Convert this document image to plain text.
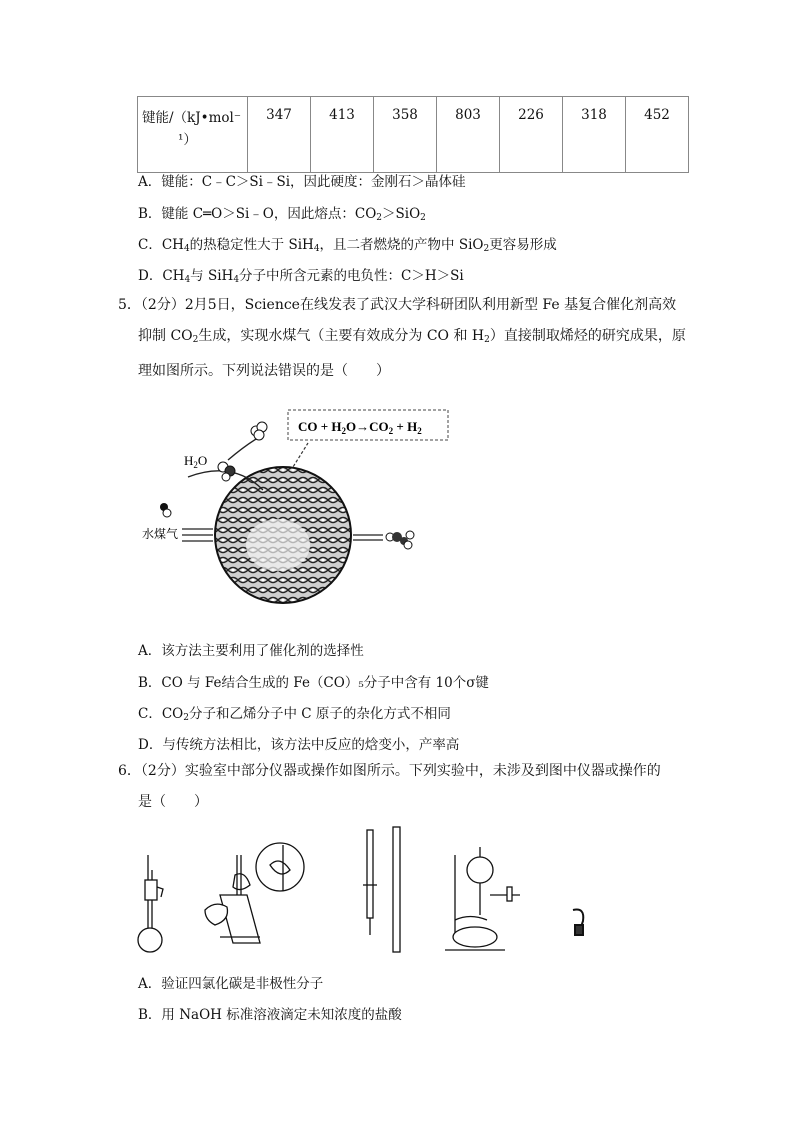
键能/（kJ•mol⁻
¹）
	347	413	358	803	226	318	452
A．键能：C﹣C＞Si﹣Si，因此硬度：金刚石＞晶体硅
B．键能 C═O＞Si﹣O，因此熔点：$CO_2>SiO_2$
C．$CH_4$的热稳定性大于 SiH$_4$，且二者燃烧的产物中 SiO$_2$更容易形成
D．$CH_4$与 SiH$_4$分子中所含元素的电负性：C＞H＞Si
5．（2分）2月5日，Science在线发表了武汉大学科研团队利用新型 Fe 基复合催化剂高效
抑制 $CO_2$生成，实现水煤气（主要有效成分为 CO 和 $H_2$）直接制取烯烃的研究成果，原
理如图所示。下列说法错误的是（　　）
CO + $H_2O\to CO_2 + H_2$
$H_2O$
水煤气
A．该方法主要利用了催化剂的选择性
B．CO 与 Fe结合生成的 Fe（CO）₅分子中含有 10个σ键
C．$CO_2$分子和乙烯分子中 C 原子的杂化方式不相同
D．与传统方法相比，该方法中反应的焓变小，产率高
6．（2分）实验室中部分仪器或操作如图所示。下列实验中，未涉及到图中仪器或操作的
是（　　）
A．验证四氯化碳是非极性分子
B．用 NaOH 标准溶液滴定未知浓度的盐酸
